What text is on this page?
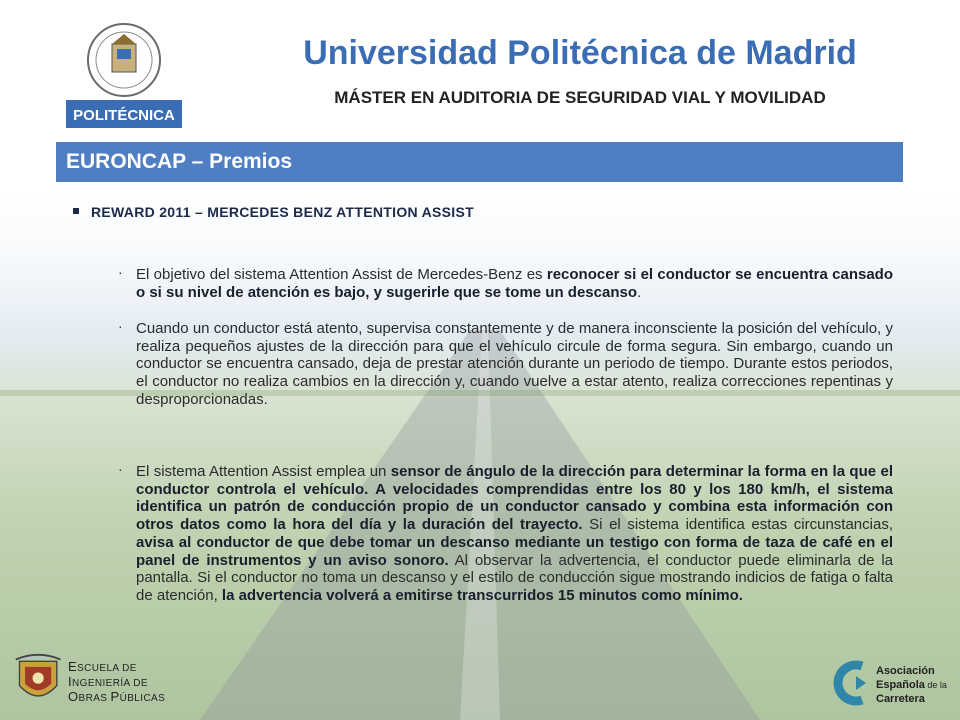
POLITÉCNICA
Universidad Politécnica de Madrid
MÁSTER EN AUDITORIA DE SEGURIDAD VIAL Y MOVILIDAD
EURONCAP – Premios
REWARD 2011 – MERCEDES BENZ ATTENTION ASSIST
· El objetivo del sistema Attention Assist de Mercedes-Benz es reconocer si el conductor se encuentra cansado o si su nivel de atención es bajo, y sugerirle que se tome un descanso.
· Cuando un conductor está atento, supervisa constantemente y de manera inconsciente la posición del vehículo, y realiza pequeños ajustes de la dirección para que el vehículo circule de forma segura. Sin embargo, cuando un conductor se encuentra cansado, deja de prestar atención durante un periodo de tiempo. Durante estos periodos, el conductor no realiza cambios en la dirección y, cuando vuelve a estar atento, realiza correcciones repentinas y desproporcionadas.
· El sistema Attention Assist emplea un sensor de ángulo de la dirección para determinar la forma en la que el conductor controla el vehículo. A velocidades comprendidas entre los 80 y los 180 km/h, el sistema identifica un patrón de conducción propio de un conductor cansado y combina esta información con otros datos como la hora del día y la duración del trayecto. Si el sistema identifica estas circunstancias, avisa al conductor de que debe tomar un descanso mediante un testigo con forma de taza de café en el panel de instrumentos y un aviso sonoro. Al observar la advertencia, el conductor puede eliminarla de la pantalla. Si el conductor no toma un descanso y el estilo de conducción sigue mostrando indicios de fatiga o falta de atención, la advertencia volverá a emitirse transcurridos 15 minutos como mínimo.
ESCUELA DE
INGENIERÍA DE
OBRAS PÚBLICAS
Asociación
Española de la
Carretera
